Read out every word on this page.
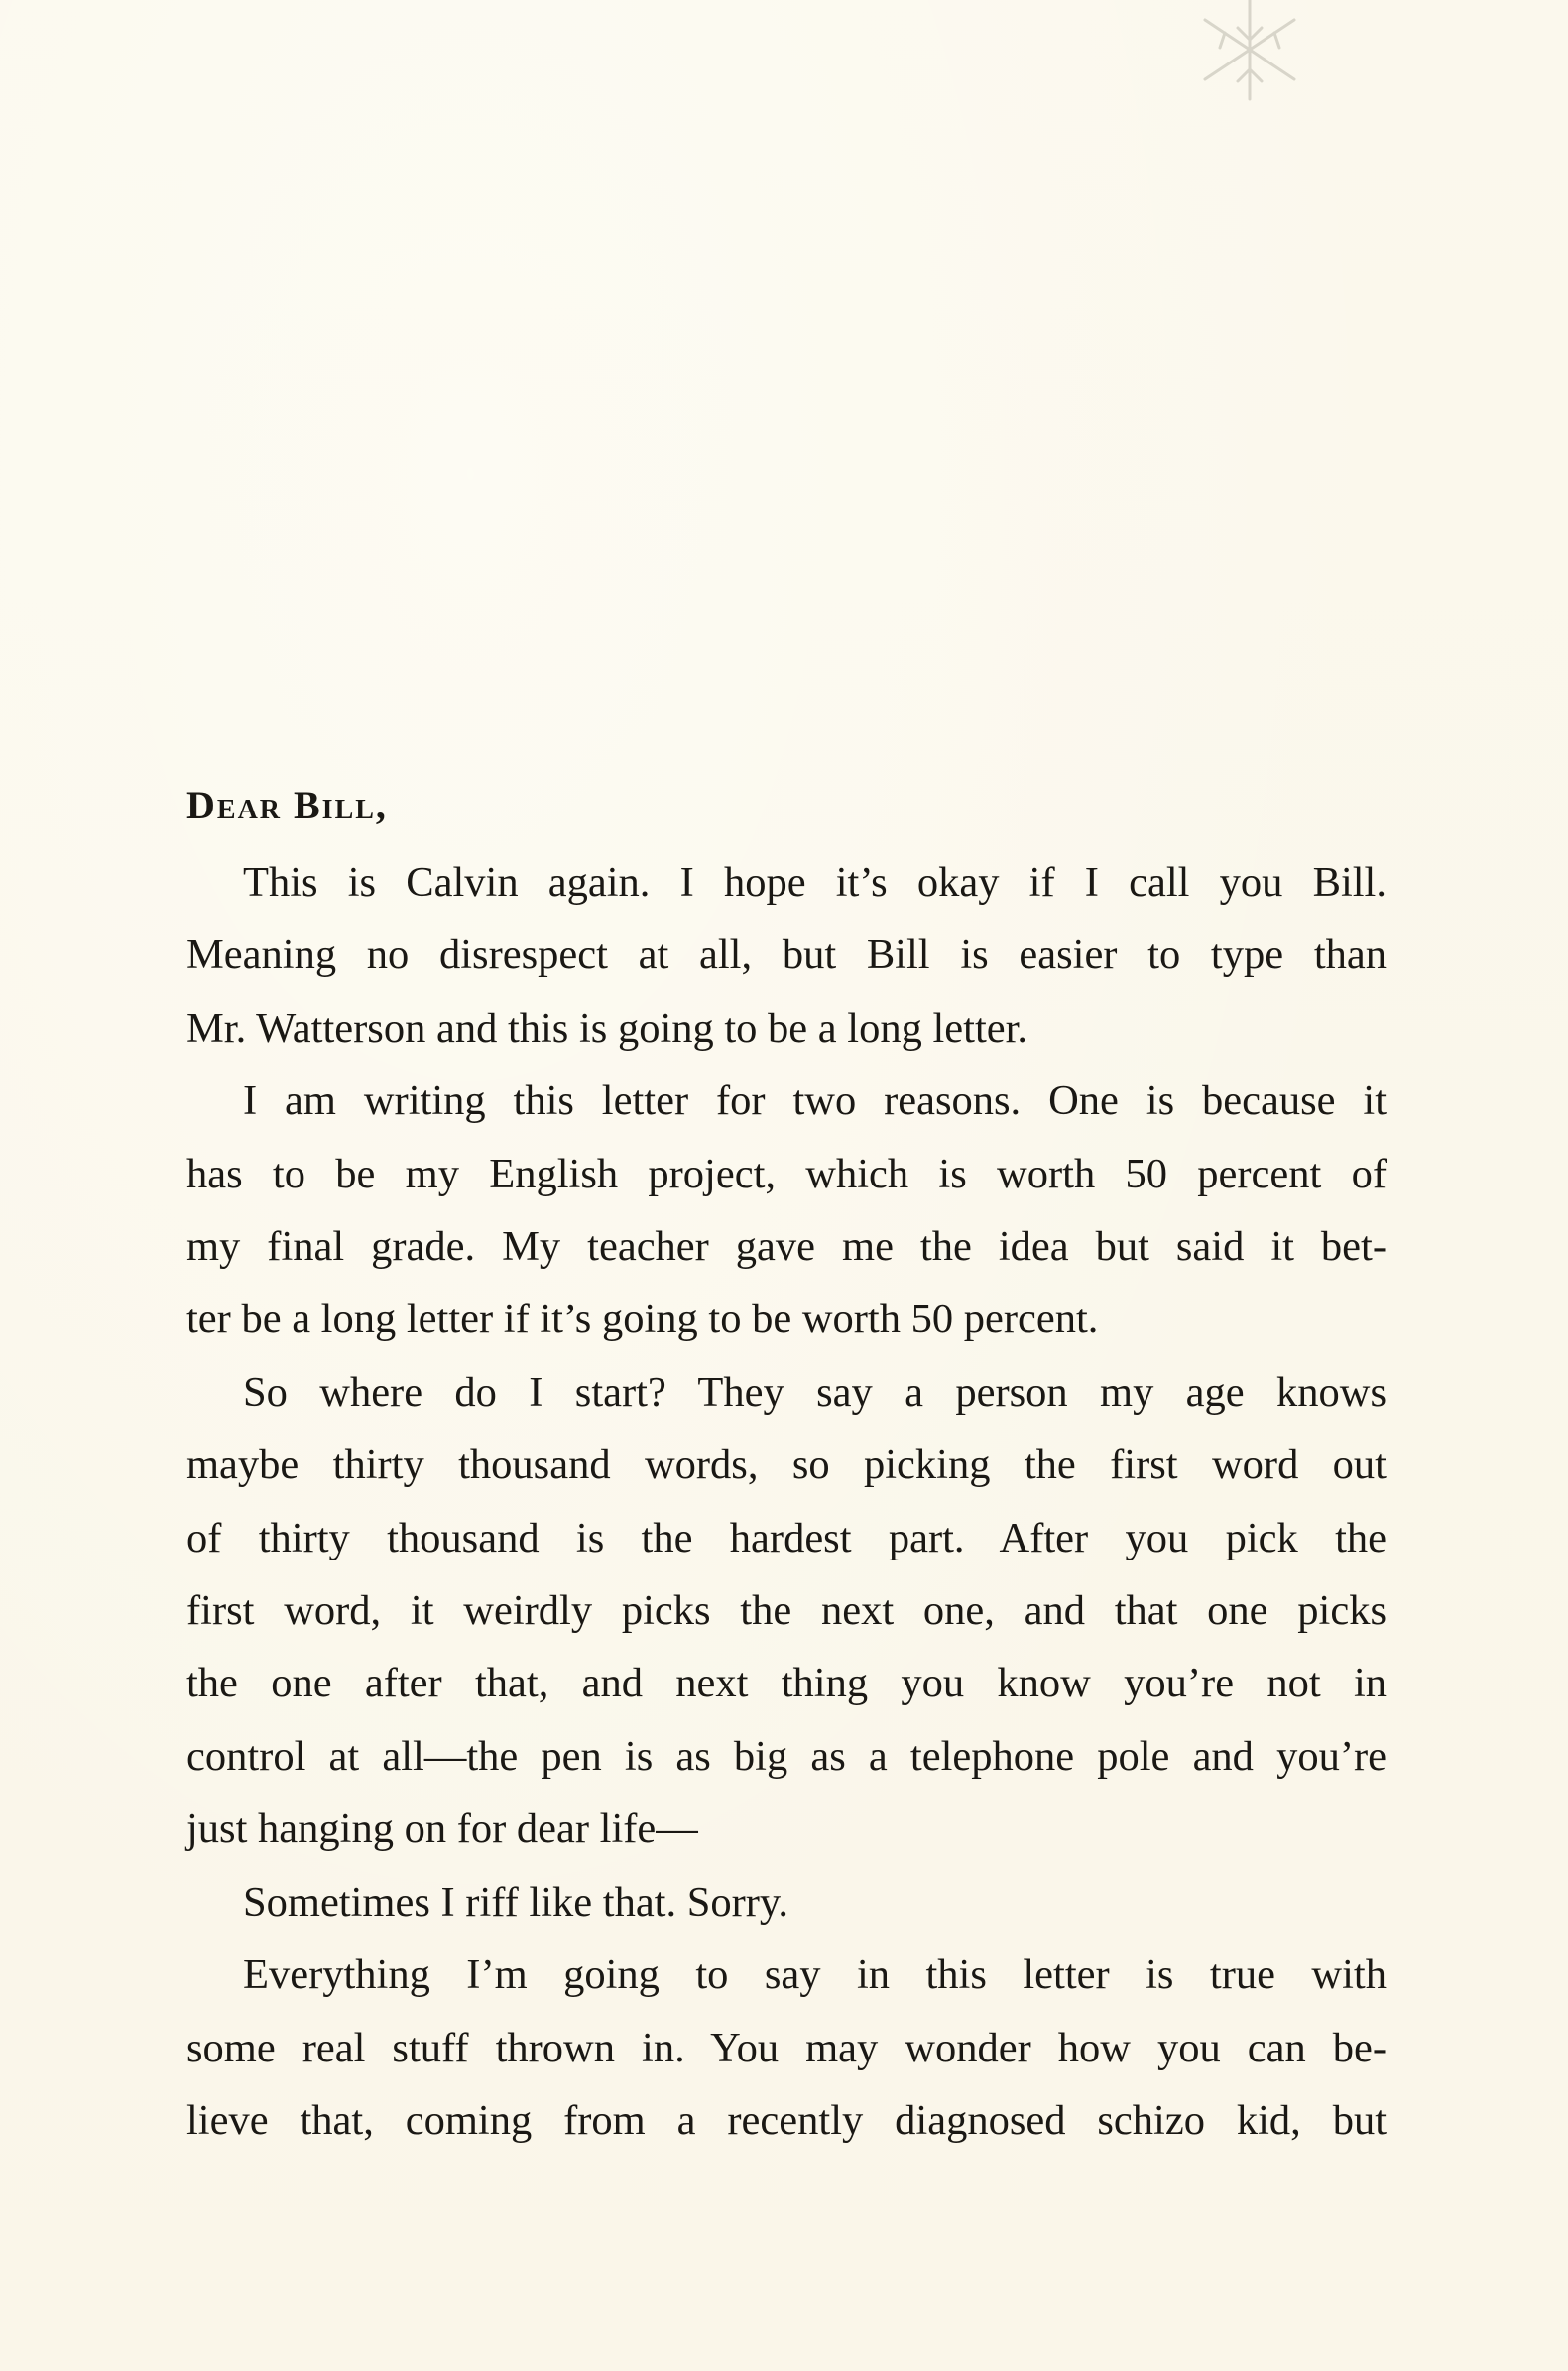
Dear Bill,
This is Calvin again. I hope it’s okay if I call you Bill.
Meaning no disrespect at all, but Bill is easier to type than
Mr. Watterson and this is going to be a long letter.
I am writing this letter for two reasons. One is because it
has to be my English project, which is worth 50 percent of
my final grade. My teacher gave me the idea but said it bet-
ter be a long letter if it’s going to be worth 50 percent.
So where do I start? They say a person my age knows
maybe thirty thousand words, so picking the first word out
of thirty thousand is the hardest part. After you pick the
first word, it weirdly picks the next one, and that one picks
the one after that, and next thing you know you’re not in
control at all—the pen is as big as a telephone pole and you’re
just hanging on for dear life—
Sometimes I riff like that. Sorry.
Everything I’m going to say in this letter is true with
some real stuff thrown in. You may wonder how you can be-
lieve that, coming from a recently diagnosed schizo kid, but
